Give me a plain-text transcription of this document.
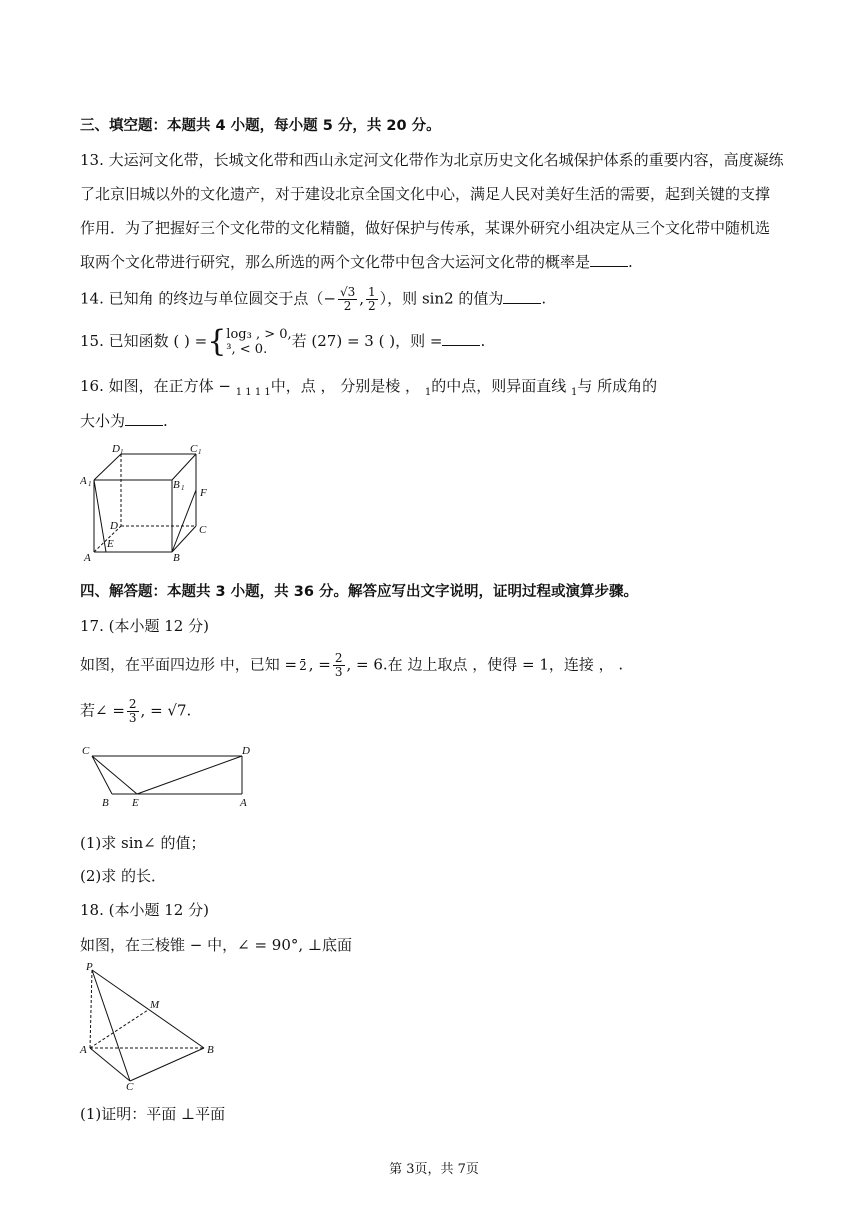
三、填空题：本题共 4 小题，每小题 5 分，共 20 分。
13. 大运河文化带，长城文化带和西山永定河文化带作为北京历史文化名城保护体系的重要内容，高度凝练
了北京旧城以外的文化遗产，对于建设北京全国文化中心，满足人民对美好生活的需要，起到关键的支撑
作用．为了把握好三个文化带的文化精髓，做好保护与传承，某课外研究小组决定从三个文化带中随机选
取两个文化带进行研究，那么所选的两个文化带中包含大运河文化带的概率是	.
14. 已知角 的终边与单位圆交于点（− $\frac{√3}{2}$ , $\frac{1}{2}$ ），则 sin2 的值为	.
15. 已知函数 ( ) ={ log₃ , > 0,
³, < 0.	若 (27) = 3 ( )，则 =	.
16. 如图，在正方体 − $_{1 1 1 1}$中，点 ， 分别是棱 ， $_1$的中点，则异面直线 $_1$与 所成角的
大小为	.
D 1	C 1
A 1	B 1 F
D	C
E
A	B
四、解答题：本题共 3 小题，共 36 分。解答应写出文字说明，证明过程或演算步骤。
17. (本小题 12 分)
如图，在平面四边形 中，已知 = 2 , = $\frac{2}{3}$ , = 6.在 边上取点 ，使得 = 1，连接 ， .
若∠ = $\frac{2}{3}$ , = √7.
C	D
B E	A
(1)求 sin∠ 的值；
(2)求 的长．
18. (本小题 12 分)
如图，在三棱锥 − 中，∠ = 90°, ⊥底面
P
M
A	B
C
(1)证明：平面 ⊥平面
第 3页，共 7页
